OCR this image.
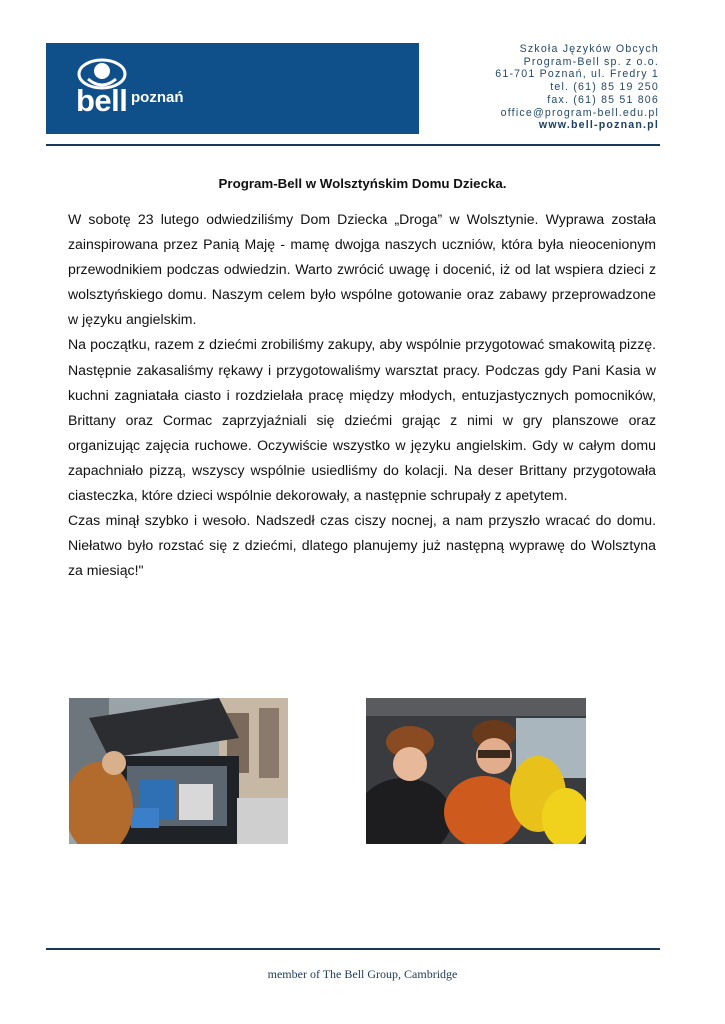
bell poznań
Szkoła Języków Obcych
Program-Bell sp. z o.o.
61-701 Poznań, ul. Fredry 1
tel. (61) 85 19 250
fax. (61) 85 51 806
office@program-bell.edu.pl
www.bell-poznan.pl
Program-Bell w Wolsztyńskim Domu Dziecka.

W sobotę 23 lutego odwiedziliśmy Dom Dziecka „Droga” w Wolsztynie. Wyprawa została zainspirowana przez Panią Maję - mamę dwojga naszych uczniów, która była nieocenionym przewodnikiem podczas odwiedzin. Warto zwrócić uwagę i docenić, iż od lat wspiera dzieci z wolsztyńskiego domu. Naszym celem było wspólne gotowanie oraz zabawy przeprowadzone w języku angielskim.

Na początku, razem z dziećmi zrobiliśmy zakupy, aby wspólnie przygotować smakowitą pizzę. Następnie zakasaliśmy rękawy i przygotowaliśmy warsztat pracy. Podczas gdy Pani Kasia w kuchni zagniatała ciasto i rozdzielała pracę między młodych, entuzjastycznych pomocników, Brittany oraz Cormac zaprzyjaźniali się dziećmi grając z nimi w gry planszowe oraz organizując zajęcia ruchowe. Oczywiście wszystko w języku angielskim. Gdy w całym domu zapachniało pizzą, wszyscy wspólnie usiedliśmy do kolacji. Na deser Brittany przygotowała ciasteczka, które dzieci wspólnie dekorowały, a następnie schrupały z apetytem.

Czas minął szybko i wesoło. Nadszedł czas ciszy nocnej, a nam przyszło wracać do domu. Niełatwo było rozstać się z dziećmi, dlatego planujemy już następną wyprawę do Wolsztyna za miesiąc!"

member of The Bell Group, Cambridge
